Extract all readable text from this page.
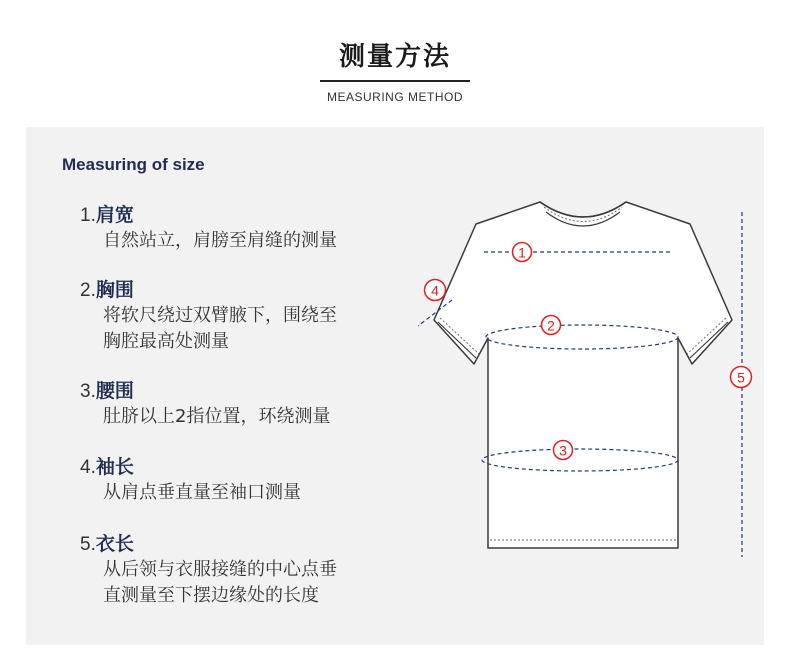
测量方法
MEASURING METHOD
Measuring of size
1.肩宽
自然站立，肩膀至肩缝的测量
2.胸围
将软尺绕过双臂腋下，围绕至
胸腔最高处测量
3.腰围
肚脐以上2指位置，环绕测量
4.袖长
从肩点垂直量至袖口测量
5.衣长
从后领与衣服接缝的中心点垂
直测量至下摆边缘处的长度
1
2
3
4
5
